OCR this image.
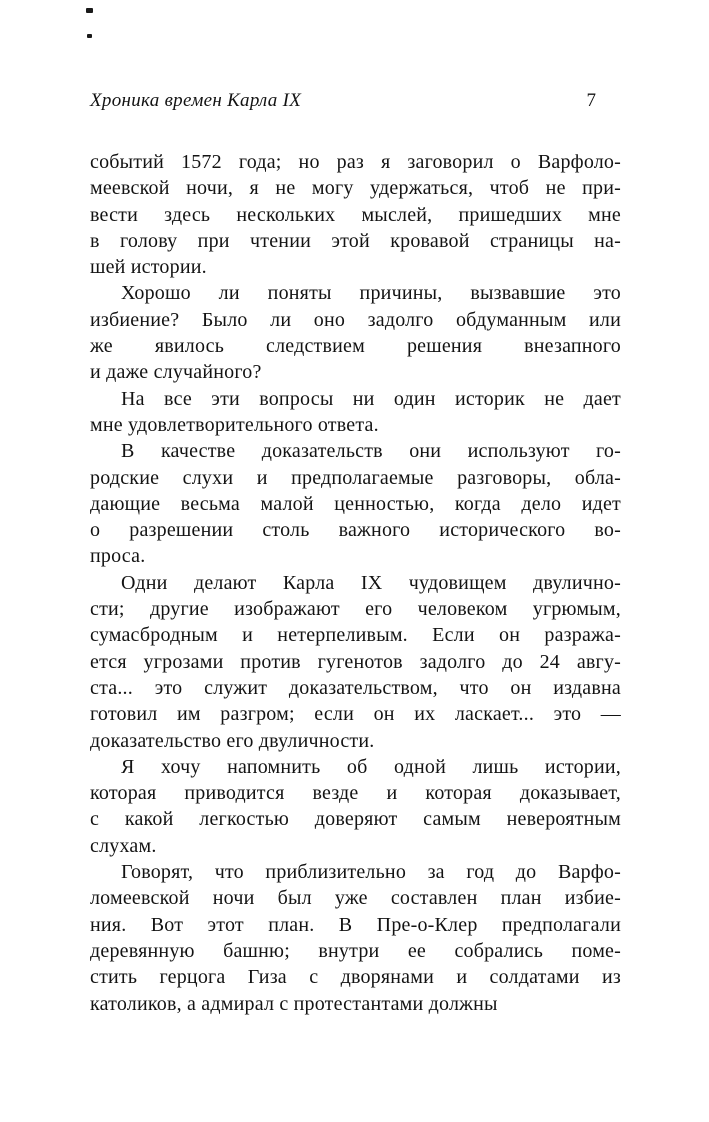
Хроника времен Карла IX	7
событий 1572 года; но раз я заговорил о Варфоло-
меевской ночи, я не могу удержаться, чтоб не при-
вести здесь нескольких мыслей, пришедших мне
в голову при чтении этой кровавой страницы на-
шей истории.
Хорошо ли поняты причины, вызвавшие это
избиение? Было ли оно задолго обдуманным или
же явилось следствием решения внезапного
и даже случайного?
На все эти вопросы ни один историк не дает
мне удовлетворительного ответа.
В качестве доказательств они используют го-
родские слухи и предполагаемые разговоры, обла-
дающие весьма малой ценностью, когда дело идет
о разрешении столь важного исторического во-
проса.
Одни делают Карла IX чудовищем двулично-
сти; другие изображают его человеком угрюмым,
сумасбродным и нетерпеливым. Если он разража-
ется угрозами против гугенотов задолго до 24 авгу-
ста... это служит доказательством, что он издавна
готовил им разгром; если он их ласкает... это —
доказательство его двуличности.
Я хочу напомнить об одной лишь истории,
которая приводится везде и которая доказывает,
с какой легкостью доверяют самым невероятным
слухам.
Говорят, что приблизительно за год до Варфо-
ломеевской ночи был уже составлен план избие-
ния. Вот этот план. В Пре-о-Клер предполагали
деревянную башню; внутри ее собрались поме-
стить герцога Гиза с дворянами и солдатами из
католиков, а адмирал с протестантами должны
